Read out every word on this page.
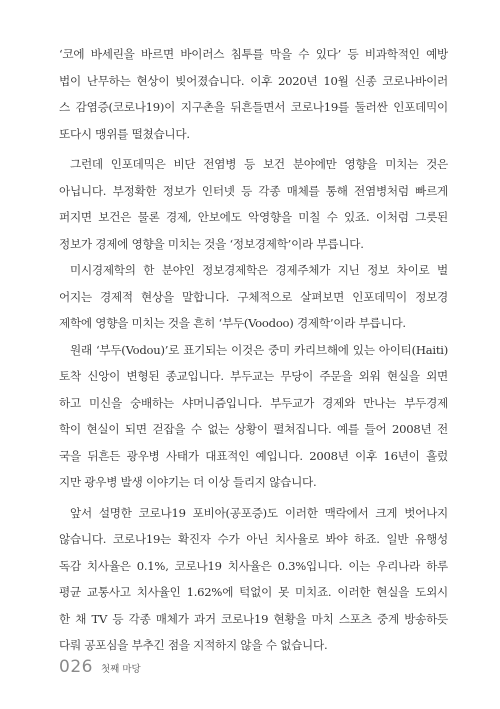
‘코에 바세린을 바르면 바이러스 침투를 막을 수 있다’ 등 비과학적인 예방
법이 난무하는 현상이 빚어졌습니다. 이후 2020년 10월 신종 코로나바이러
스 감염증(코로나19)이 지구촌을 뒤흔들면서 코로나19를 둘러싼 인포데믹이
또다시 맹위를 떨쳤습니다.

그런데 인포데믹은 비단 전염병 등 보건 분야에만 영향을 미치는 것은
아닙니다. 부정확한 정보가 인터넷 등 각종 매체를 통해 전염병처럼 빠르게
퍼지면 보건은 물론 경제, 안보에도 악영향을 미칠 수 있죠. 이처럼 그릇된
정보가 경제에 영향을 미치는 것을 ‘정보경제학’이라 부릅니다.

미시경제학의 한 분야인 정보경제학은 경제주체가 지닌 정보 차이로 벌
어지는 경제적 현상을 말합니다. 구체적으로 살펴보면 인포데믹이 정보경
제학에 영향을 미치는 것을 흔히 ‘부두(Voodoo) 경제학’이라 부릅니다.

원래 ‘부두(Vodou)’로 표기되는 이것은 중미 카리브해에 있는 아이티(Haiti)
토착 신앙이 변형된 종교입니다. 부두교는 무당이 주문을 외워 현실을 외면
하고 미신을 숭배하는 샤머니즘입니다. 부두교가 경제와 만나는 부두경제
학이 현실이 되면 걷잡을 수 없는 상황이 펼쳐집니다. 예를 들어 2008년 전
국을 뒤흔든 광우병 사태가 대표적인 예입니다. 2008년 이후 16년이 흘렀
지만 광우병 발생 이야기는 더 이상 들리지 않습니다.

앞서 설명한 코로나19 포비아(공포증)도 이러한 맥락에서 크게 벗어나지
않습니다. 코로나19는 확진자 수가 아닌 치사율로 봐야 하죠. 일반 유행성
독감 치사율은 0.1%, 코로나19 치사율은 0.3%입니다. 이는 우리나라 하루
평균 교통사고 치사율인 1.62%에 턱없이 못 미치죠. 이러한 현실을 도외시
한 채 TV 등 각종 매체가 과거 코로나19 현황을 마치 스포츠 중계 방송하듯
다뤄 공포심을 부추긴 점을 지적하지 않을 수 없습니다.

026 첫째 마당
